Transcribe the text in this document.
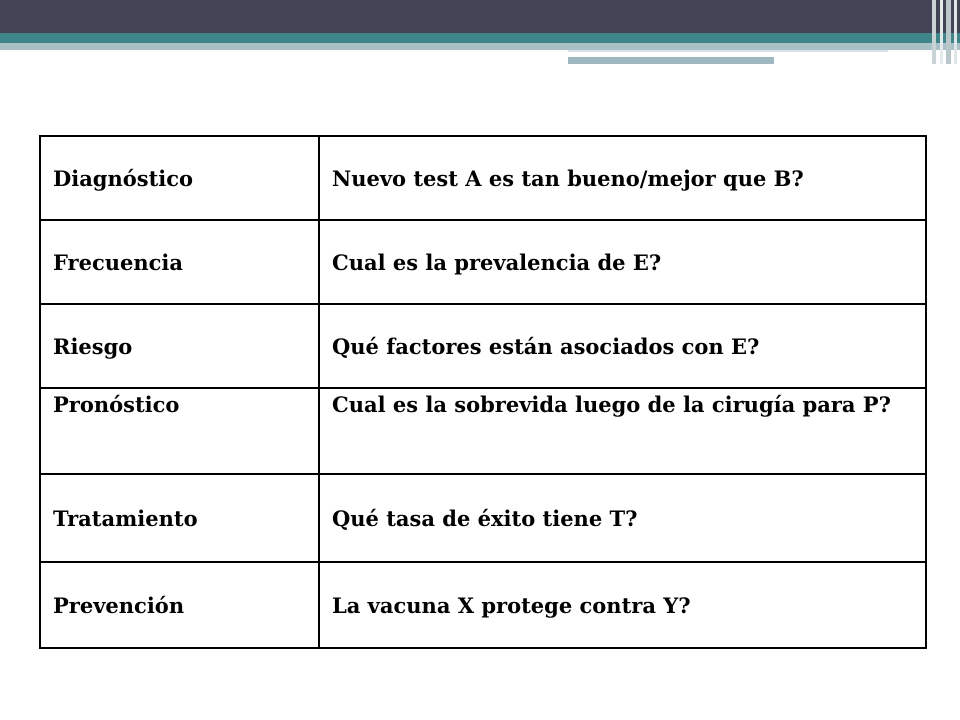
Diagnóstico	Nuevo test A es tan bueno/mejor que B?
Frecuencia	Cual es la prevalencia de E?
Riesgo	Qué factores están asociados con E?
Pronóstico	Cual es la sobrevida luego de la cirugía para P?
Tratamiento	Qué tasa de éxito tiene T?
Prevención	La vacuna X protege contra Y?
